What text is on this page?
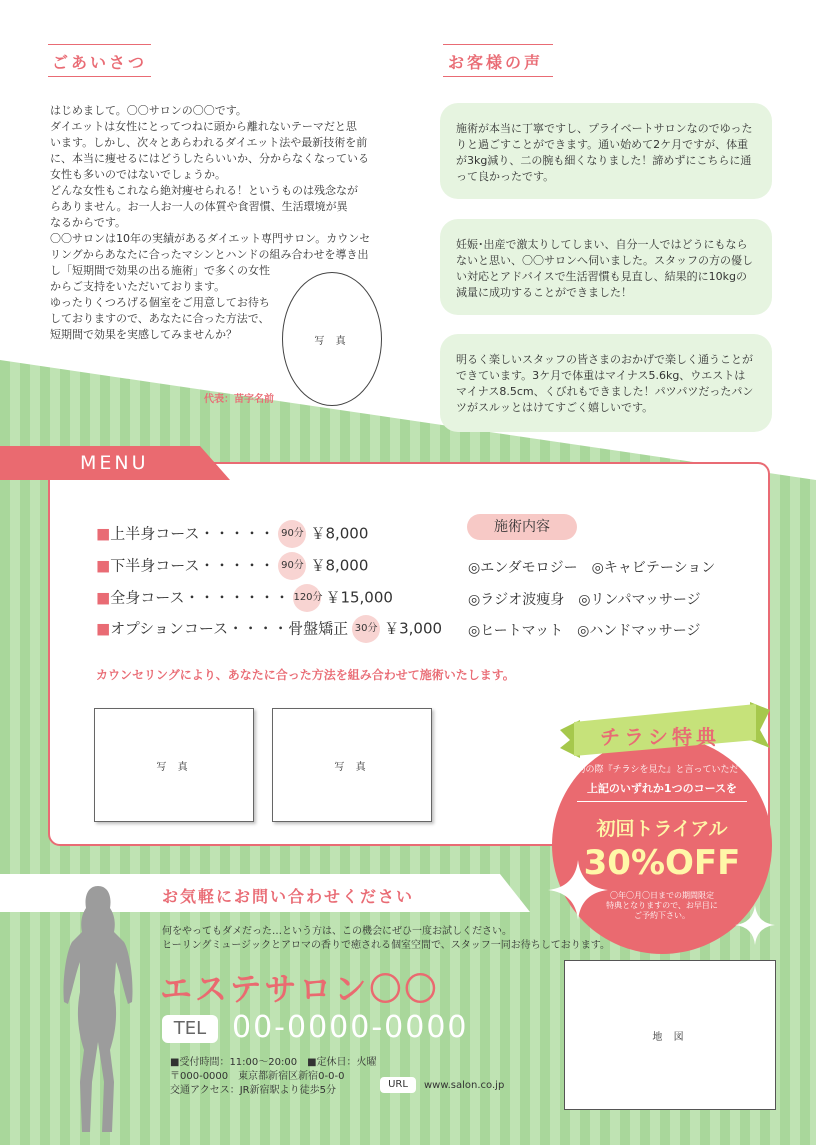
ごあいさつ

はじめまして。〇〇サロンの〇〇です。

ダイエットは女性にとってつねに頭から離れないテーマだと思

います。しかし、次々とあらわれるダイエット法や最新技術を前

に、本当に痩せるにはどうしたらいいか、分からなくなっている

女性も多いのではないでしょうか。

どんな女性もこれなら絶対痩せられる！というものは残念なが

らありません。お一人お一人の体質や食習慣、生活環境が異

なるからです。

〇〇サロンは10年の実績があるダイエット専門サロン。カウンセ

リングからあなたに合ったマシンとハンドの組み合わせを導き出

し「短期間で効果の出る施術」で多くの女性

からご支持をいただいております。

ゆったりくつろげる個室をご用意してお待ち

しておりますので、あなたに合った方法で、

短期間で効果を実感してみませんか？	写 真
代表：苗字名前
お客様の声
施術が本当に丁寧ですし、プライベートサロンなのでゆったりと過ごすことができます。通い始めて2ケ月ですが、体重が3kg減り、二の腕も細くなりました！諦めずにこちらに通って良かったです。
妊娠･出産で激太りしてしまい、自分一人ではどうにもならないと思い、〇〇サロンへ伺いました。スタッフの方の優しい対応とアドバイスで生活習慣も見直し、結果的に10kgの減量に成功することができました！
明るく楽しいスタッフの皆さまのおかげで楽しく通うことができています。3ケ月で体重はマイナス5.6kg、ウエストはマイナス8.5cm、くびれもできました！パツパツだったパンツがスルッとはけてすごく嬉しいです。
MENU
■上半身コース・・・・・ 90分 ￥8,000
■下半身コース・・・・・ 90分 ￥8,000
■全身コース・・・・・・・ 120分 ￥15,000
■オプションコース・・・・骨盤矯正 30分 ￥3,000
施術内容
◎エンダモロジー　◎キャビテーション
◎ラジオ波痩身　◎リンパマッサージ
◎ヒートマット　◎ハンドマッサージ
カウンセリングにより、あなたに合った方法を組み合わせて施術いたします。
写 真	写 真	ご予約の際『チラシを見た』と言っていただくと、
上記のいずれか1つのコースを
初回トライアル
30%OFF
〇年〇月〇日までの期間限定
特典となりますので、お早目に
ご予約下さい。
チラシ特典
お気軽にお問い合わせください
何をやってもダメだった…という方は、この機会にぜひ一度お試しください。
ヒーリングミュージックとアロマの香りで癒される個室空間で、スタッフ一同お待ちしております。
エステサロン〇〇
TEL 00-0000-0000
■受付時間：11:00～20:00　■定休日：火曜
〒000-0000　東京都新宿区新宿0-0-0
交通アクセス：JR新宿駅より徒歩5分
URL	www.salon.co.jp
地 図
